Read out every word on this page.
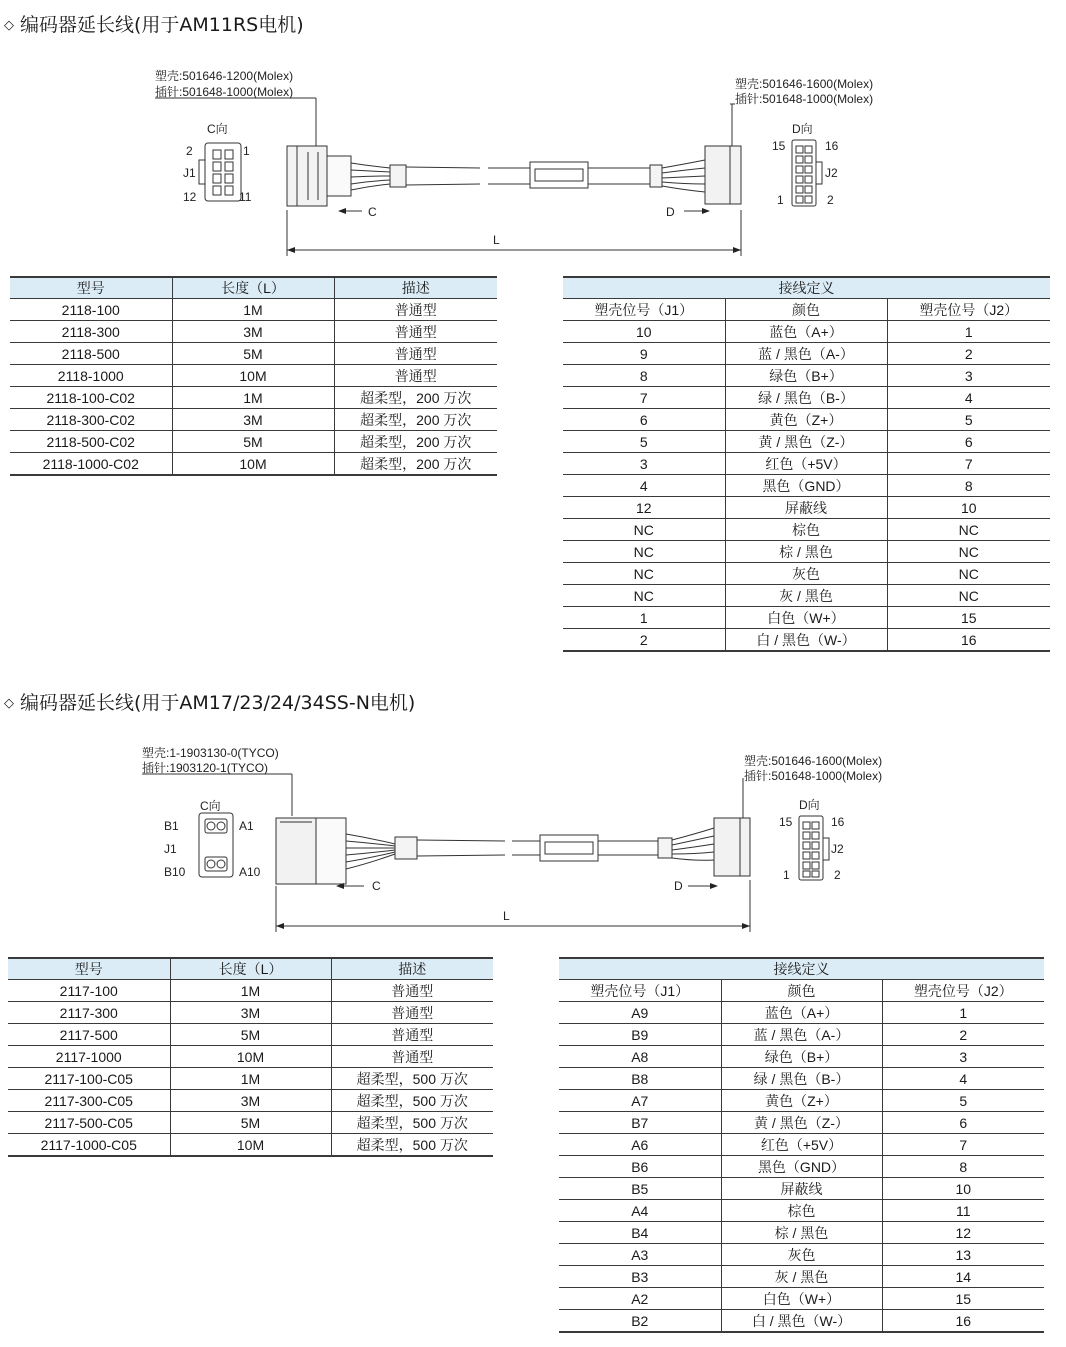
◇ 编码器延长线(用于AM11RS电机)
塑壳:501646-1200(Molex)
插针:501648-1000(Molex)
塑壳:501646-1600(Molex)
插针:501648-1000(Molex)
C向	D向
2	1
J1
12	11
15	16
J2
1	2
C	D
L
型号	长度（L）	描述
2118-100	1M	普通型
2118-300	3M	普通型
2118-500	5M	普通型
2118-1000	10M	普通型
2118-100-C02	1M	超柔型，200 万次
2118-300-C02	3M	超柔型，200 万次
2118-500-C02	5M	超柔型，200 万次
2118-1000-C02	10M	超柔型，200 万次
接线定义		
塑壳位号（J1）	颜色	塑壳位号（J2）
10	蓝色（A+）	1
9	蓝 / 黑色（A-）	2
8	绿色（B+）	3
7	绿 / 黑色（B-）	4
6	黄色（Z+）	5
5	黄 / 黑色（Z-）	6
3	红色（+5V）	7
4	黑色（GND）	8
12	屏蔽线	10
NC	棕色	NC
NC	棕 / 黑色	NC
NC	灰色	NC
NC	灰 / 黑色	NC
1	白色（W+）	15
2	白 / 黑色（W-）	16
◇ 编码器延长线(用于AM17/23/24/34SS-N电机)
塑壳:1-1903130-0(TYCO)
插针:1903120-1(TYCO)	塑壳:501646-1600(Molex)
插针:501648-1000(Molex)
C向	D向
B1	A1
J1
B10	A10
15	16
J2
1	2
C	D
L
型号	长度（L）	描述
2117-100	1M	普通型
2117-300	3M	普通型
2117-500	5M	普通型
2117-1000	10M	普通型
2117-100-C05	1M	超柔型，500 万次
2117-300-C05	3M	超柔型，500 万次
2117-500-C05	5M	超柔型，500 万次
2117-1000-C05	10M	超柔型，500 万次
接线定义		
塑壳位号（J1）	颜色	塑壳位号（J2）
A9	蓝色（A+）	1
B9	蓝 / 黑色（A-）	2
A8	绿色（B+）	3
B8	绿 / 黑色（B-）	4
A7	黄色（Z+）	5
B7	黄 / 黑色（Z-）	6
A6	红色（+5V）	7
B6	黑色（GND）	8
B5	屏蔽线	10
A4	棕色	11
B4	棕 / 黑色	12
A3	灰色	13
B3	灰 / 黑色	14
A2	白色（W+）	15
B2	白 / 黑色（W-）	16
